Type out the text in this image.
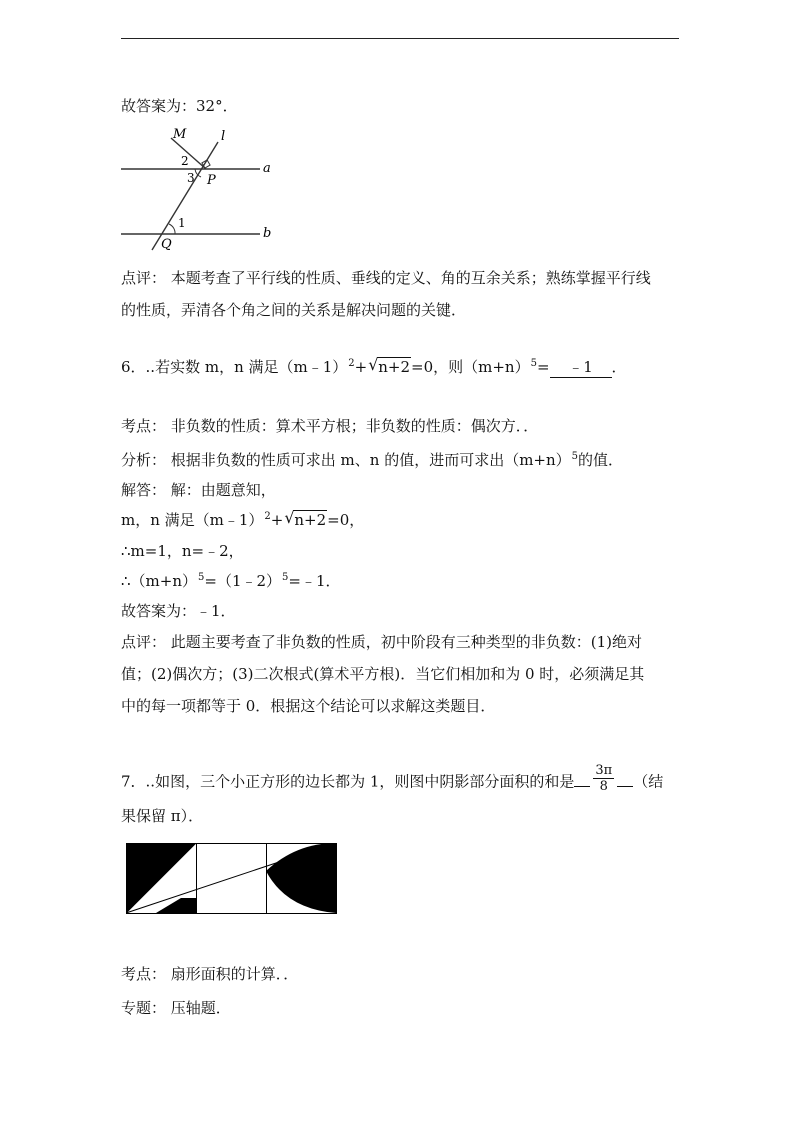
故答案为：32°．
M	l
a
b
P
Q
1
2
3
点评： 本题考查了平行线的性质、垂线的定义、角的互余关系；熟练掌握平行线
的性质，弄清各个角之间的关系是解决问题的关键．
6．..若实数 m，n 满足（m﹣1）$^2$+ √ n+2=0，则$(m+n)^5=$ ﹣1 ．
考点： 非负数的性质：算术平方根；非负数的性质：偶次方．．
分析： 根据非负数的性质可求出 m、n 的值，进而可求出$(m+n)^5$的值．
解答： 解：由题意知，
m，n 满足（m﹣1）$^2$+ √ n+2=0，
∴m=1，n=﹣2，
$\therefore(m+n)^5=(1﹣2)^5=﹣1$．
故答案为：﹣1．
点评： 此题主要考查了非负数的性质，初中阶段有三种类型的非负数：(1)绝对
值；(2)偶次方；(3)二次根式(算术平方根)．当它们相加和为 0 时，必须满足其
中的每一项都等于 0．根据这个结论可以求解这类题目．
7．..如图，三个小正方形的边长都为 1，则图中阴影部分面积的和是 $\frac{3\pi}{8}$ （结
果保留 π）．
考点： 扇形面积的计算．．
专题： 压轴题．
